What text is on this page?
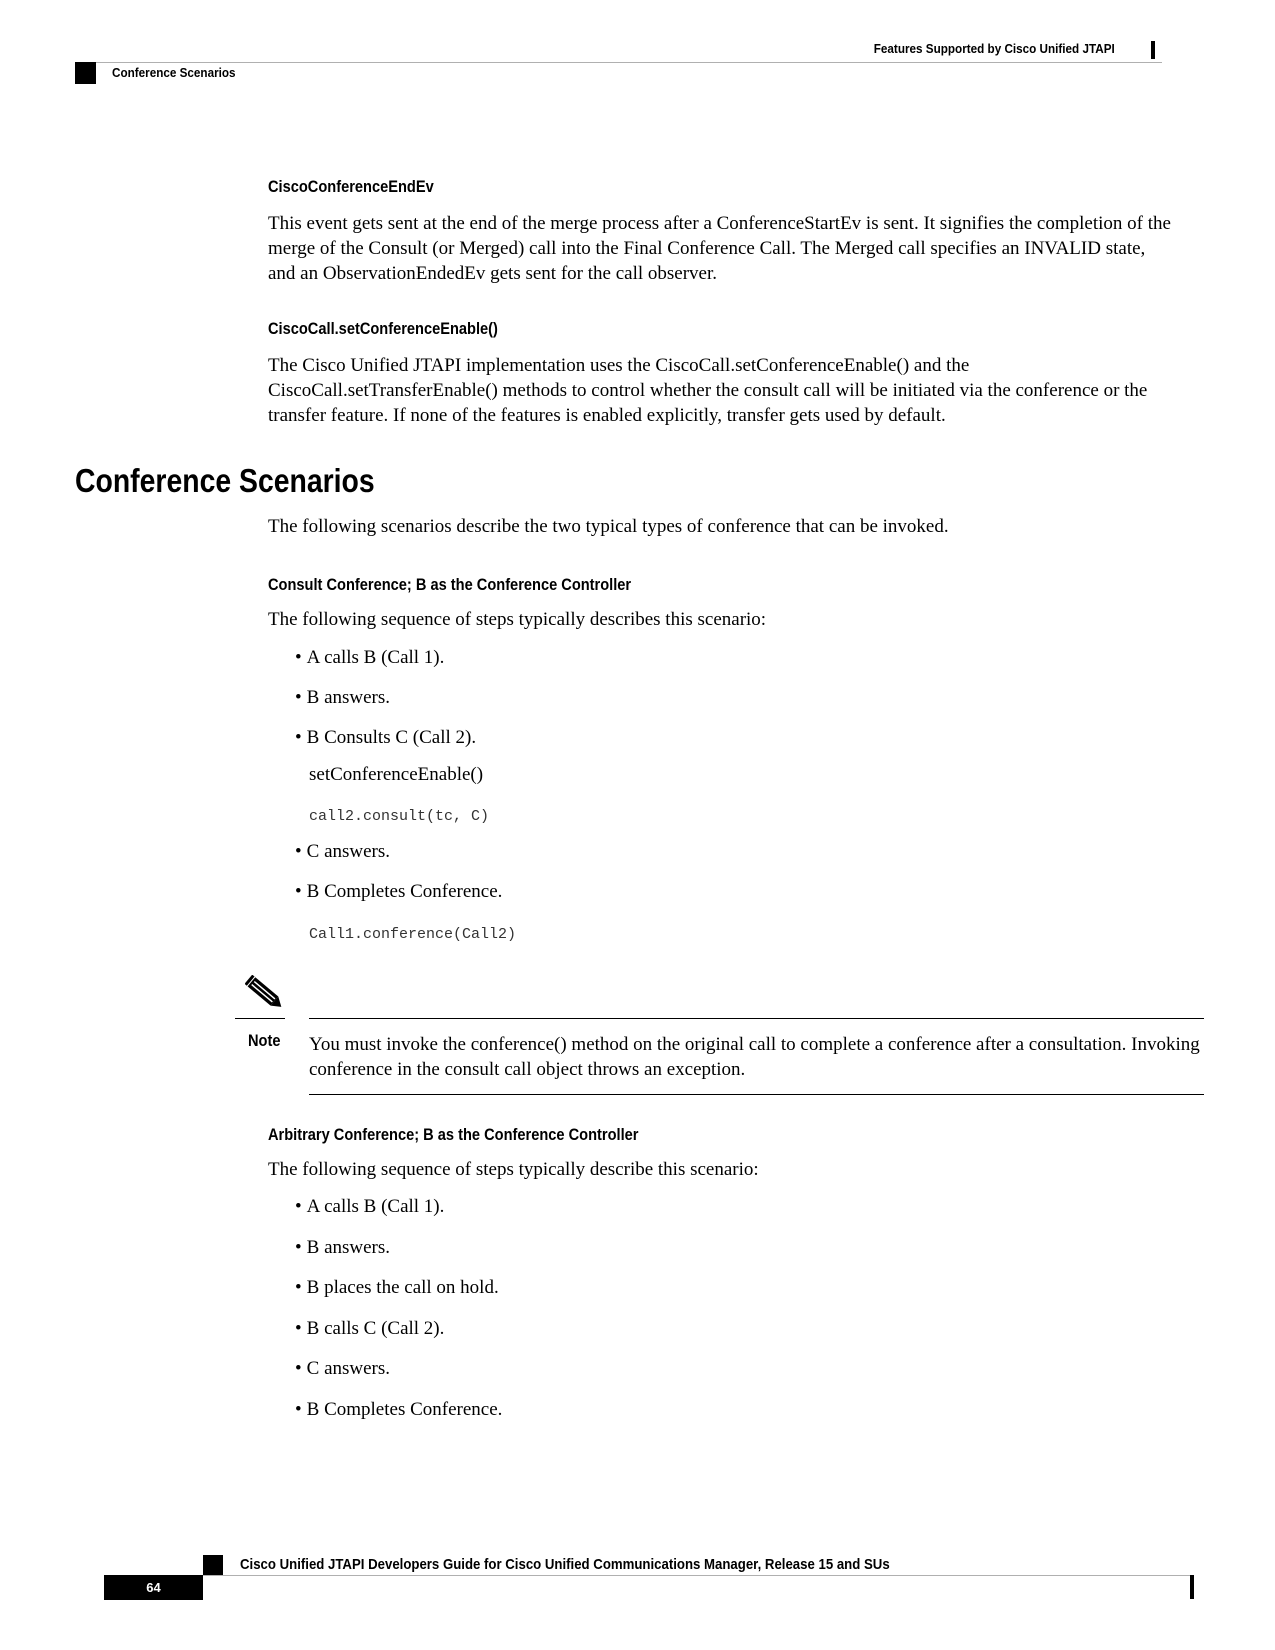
Features Supported by Cisco Unified JTAPI
Conference Scenarios
CiscoConferenceEndEv
This event gets sent at the end of the merge process after a ConferenceStartEv is sent. It signifies the completion of the merge of the Consult (or Merged) call into the Final Conference Call. The Merged call specifies an INVALID state, and an ObservationEndedEv gets sent for the call observer.
CiscoCall.setConferenceEnable()
The Cisco Unified JTAPI implementation uses the CiscoCall.setConferenceEnable() and the CiscoCall.setTransferEnable() methods to control whether the consult call will be initiated via the conference or the transfer feature. If none of the features is enabled explicitly, transfer gets used by default.
Conference Scenarios
The following scenarios describe the two typical types of conference that can be invoked.
Consult Conference; B as the Conference Controller
The following sequence of steps typically describes this scenario:
• A calls B (Call 1).
• B answers.
• B Consults C (Call 2).
setConferenceEnable()
call2.consult(tc, C)
• C answers.
• B Completes Conference.
Call1.conference(Call2)
Note You must invoke the conference() method on the original call to complete a conference after a consultation. Invoking conference in the consult call object throws an exception.
Arbitrary Conference; B as the Conference Controller
The following sequence of steps typically describe this scenario:
• A calls B (Call 1).
• B answers.
• B places the call on hold.
• B calls C (Call 2).
• C answers.
• B Completes Conference.
Cisco Unified JTAPI Developers Guide for Cisco Unified Communications Manager, Release 15 and SUs
64
